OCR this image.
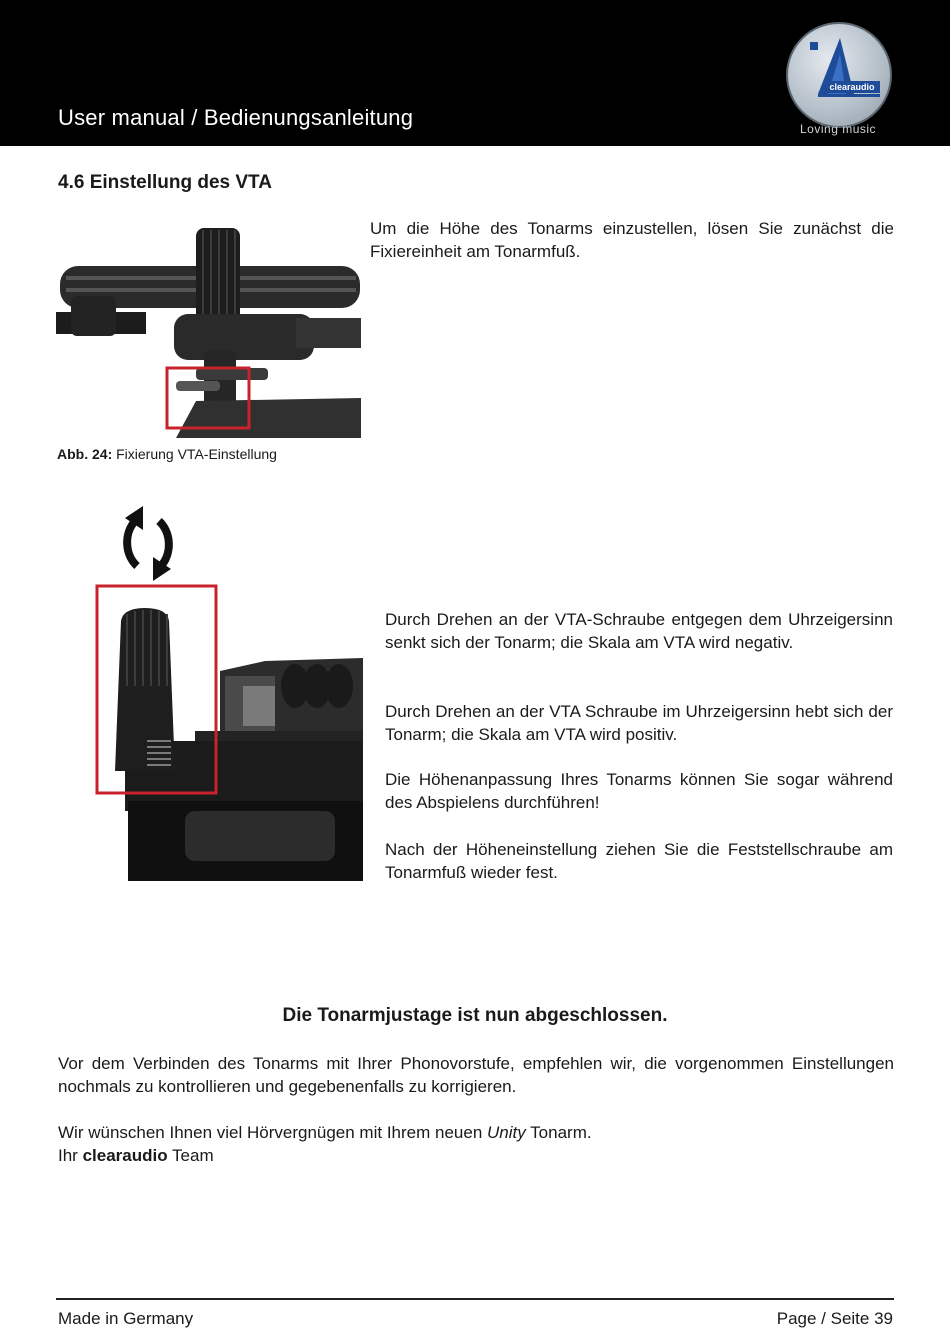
User manual / Bedienungsanleitung
clearaudio
Loving music
4.6 Einstellung des VTA
Abb. 24: Fixierung VTA-Einstellung

Um die Höhe des Tonarms einzustellen, lösen Sie zunächst die Fixiereinheit am Tonarmfuß.

Durch Drehen an der VTA-Schraube entgegen dem Uhrzeigersinn senkt sich der Tonarm; die Skala am VTA wird negativ.

Durch Drehen an der VTA Schraube im Uhrzeigersinn hebt sich der Tonarm; die Skala am VTA wird positiv.

Die Höhenanpassung Ihres Tonarms können Sie sogar während des Abspielens durchführen!

Nach der Höheneinstellung ziehen Sie die Feststellschraube am Tonarmfuß wieder fest.

Die Tonarmjustage ist nun abgeschlossen.

Vor dem Verbinden des Tonarms mit Ihrer Phonovorstufe, empfehlen wir, die vorgenommen Einstellungen nochmals zu kontrollieren und gegebenenfalls zu korrigieren.

Wir wünschen Ihnen viel Hörvergnügen mit Ihrem neuen Unity Tonarm.
Ihr clearaudio Team

Made in Germany	Page / Seite 39
